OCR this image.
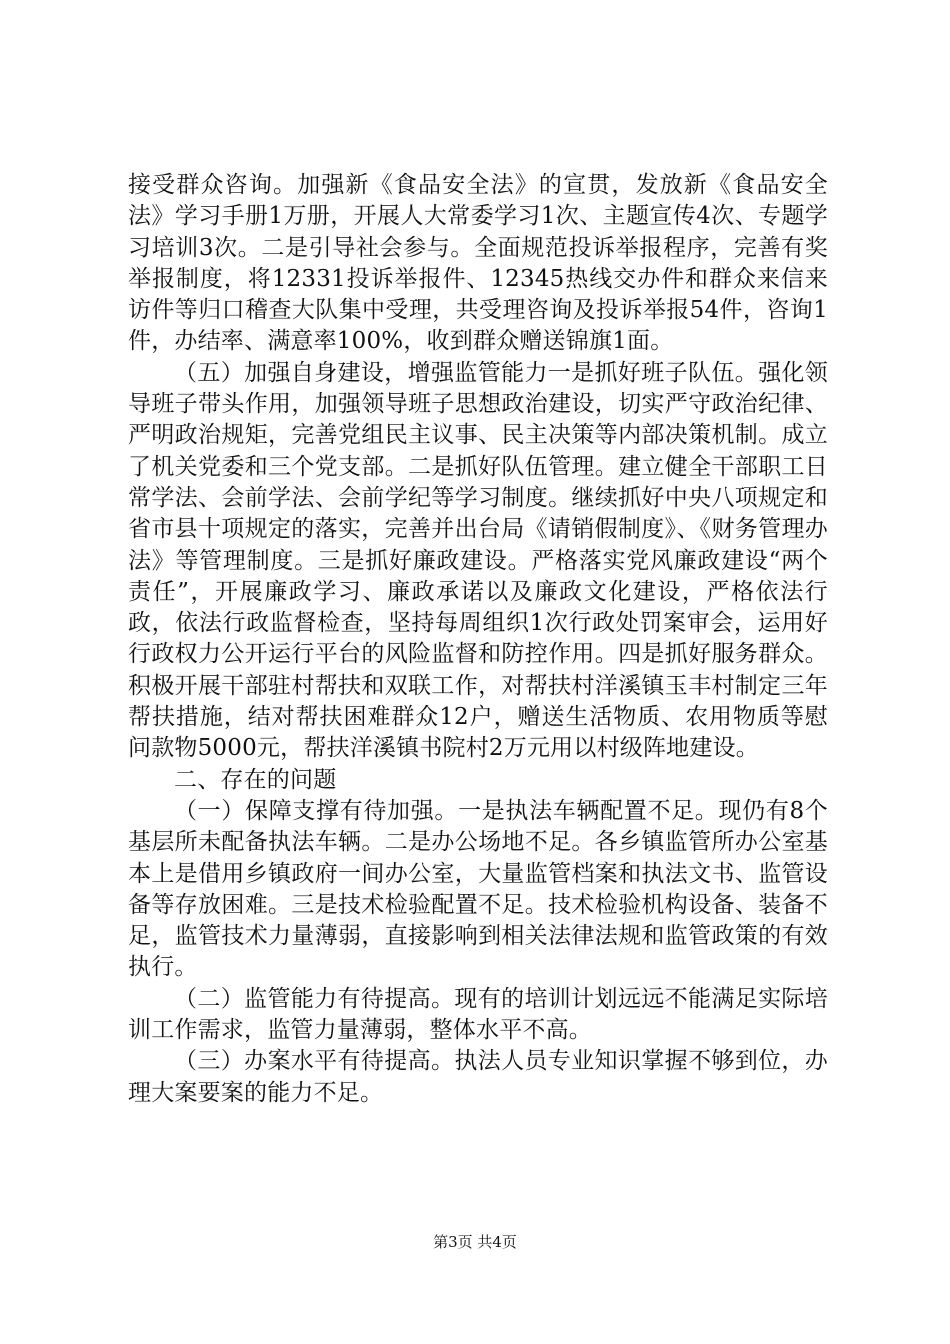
接受群众咨询。加强新《食品安全法》的宣贯，发放新《食品安全法》学习手册1万册，开展人大常委学习1次、主题宣传4次、专题学习培训3次。二是引导社会参与。全面规范投诉举报程序，完善有奖举报制度，将12331投诉举报件、12345热线交办件和群众来信来访件等归口稽查大队集中受理，共受理咨询及投诉举报54件，咨询1件，办结率、满意率100%，收到群众赠送锦旗1面。

（五）加强自身建设，增强监管能力一是抓好班子队伍。强化领导班子带头作用，加强领导班子思想政治建设，切实严守政治纪律、严明政治规矩，完善党组民主议事、民主决策等内部决策机制。成立了机关党委和三个党支部。二是抓好队伍管理。建立健全干部职工日常学法、会前学法、会前学纪等学习制度。继续抓好中央八项规定和省市县十项规定的落实，完善并出台局《请销假制度》、《财务管理办法》等管理制度。三是抓好廉政建设。严格落实党风廉政建设“两个责任”，开展廉政学习、廉政承诺以及廉政文化建设，严格依法行政，依法行政监督检查，坚持每周组织1次行政处罚案审会，运用好行政权力公开运行平台的风险监督和防控作用。四是抓好服务群众。积极开展干部驻村帮扶和双联工作，对帮扶村洋溪镇玉丰村制定三年帮扶措施，结对帮扶困难群众12户，赠送生活物质、农用物质等慰问款物5000元，帮扶洋溪镇书院村2万元用以村级阵地建设。

二、存在的问题

（一）保障支撑有待加强。一是执法车辆配置不足。现仍有8个基层所未配备执法车辆。二是办公场地不足。各乡镇监管所办公室基本上是借用乡镇政府一间办公室，大量监管档案和执法文书、监管设备等存放困难。三是技术检验配置不足。技术检验机构设备、装备不足，监管技术力量薄弱，直接影响到相关法律法规和监管政策的有效执行。

（二）监管能力有待提高。现有的培训计划远远不能满足实际培训工作需求，监管力量薄弱，整体水平不高。

（三）办案水平有待提高。执法人员专业知识掌握不够到位，办理大案要案的能力不足。

第3页 共4页
